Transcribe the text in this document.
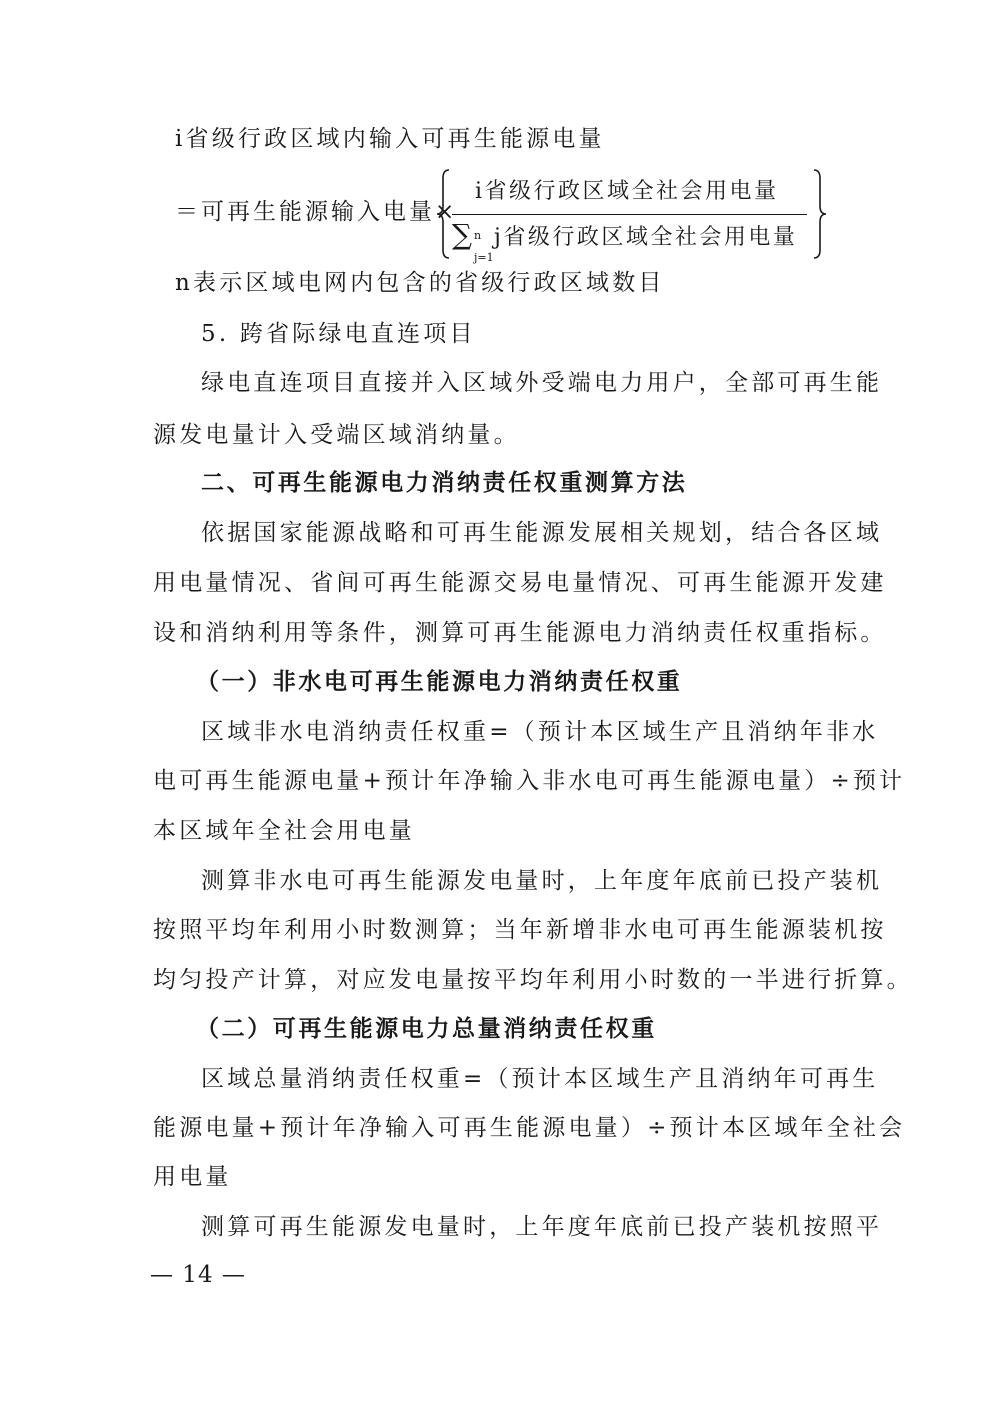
i省级行政区域内输入可再生能源电量
＝可再生能源输入电量×
i省级行政区域全社会用电量
∑ n
j=1
j省级行政区域全社会用电量
n表示区域电网内包含的省级行政区域数目
5. 跨省际绿电直连项目
绿电直连项目直接并入区域外受端电力用户，全部可再生能
源发电量计入受端区域消纳量。
二、可再生能源电力消纳责任权重测算方法
依据国家能源战略和可再生能源发展相关规划，结合各区域
用电量情况、省间可再生能源交易电量情况、可再生能源开发建
设和消纳利用等条件，测算可再生能源电力消纳责任权重指标。
（一）非水电可再生能源电力消纳责任权重
区域非水电消纳责任权重=（预计本区域生产且消纳年非水
电可再生能源电量+预计年净输入非水电可再生能源电量）÷预计
本区域年全社会用电量
测算非水电可再生能源发电量时，上年度年底前已投产装机
按照平均年利用小时数测算；当年新增非水电可再生能源装机按
均匀投产计算，对应发电量按平均年利用小时数的一半进行折算。
（二）可再生能源电力总量消纳责任权重
区域总量消纳责任权重=（预计本区域生产且消纳年可再生
能源电量+预计年净输入可再生能源电量）÷预计本区域年全社会
用电量
测算可再生能源发电量时，上年度年底前已投产装机按照平
— 14 —
